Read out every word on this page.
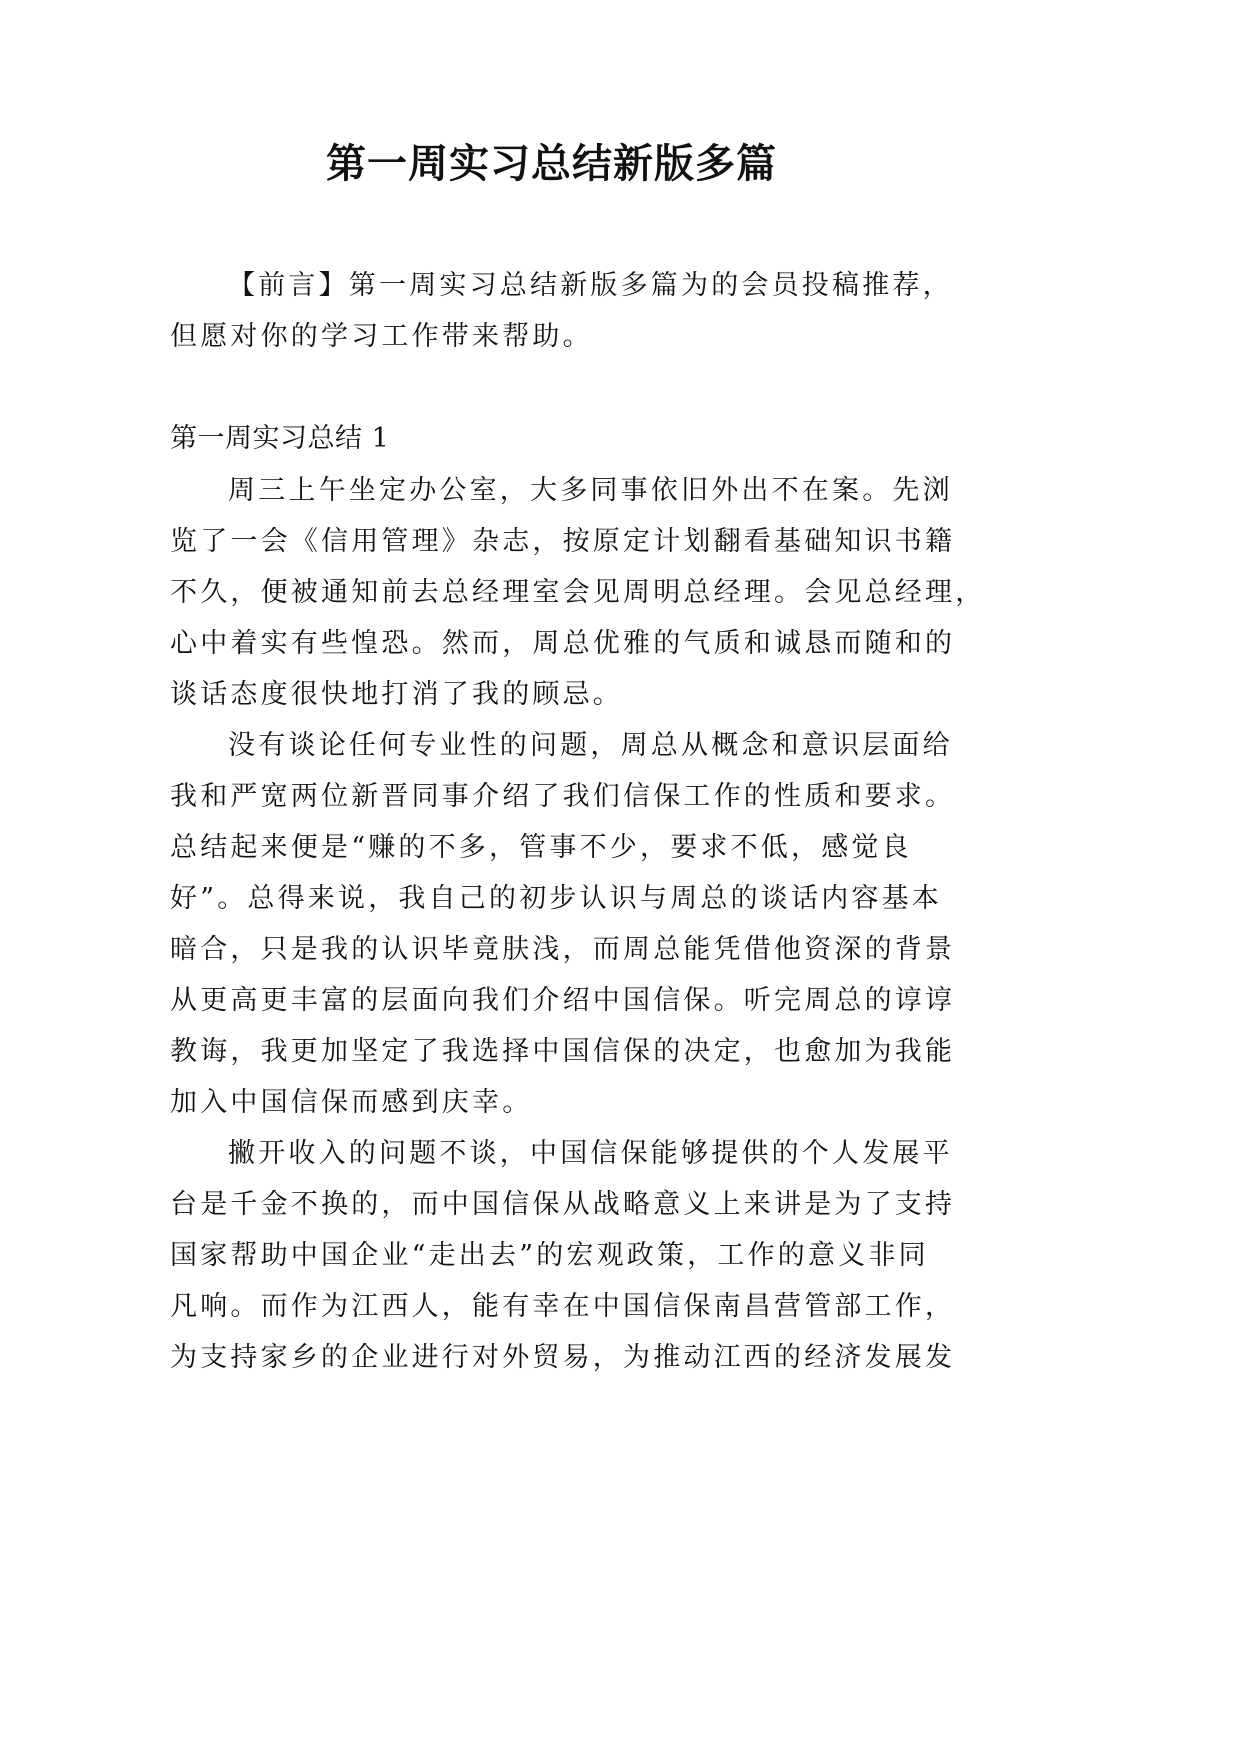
第一周实习总结新版多篇
【前言】第一周实习总结新版多篇为的会员投稿推荐，
但愿对你的学习工作带来帮助。
第一周实习总结 1
周三上午坐定办公室，大多同事依旧外出不在案。先浏
览了一会《信用管理》杂志，按原定计划翻看基础知识书籍
不久，便被通知前去总经理室会见周明总经理。会见总经理，
心中着实有些惶恐。然而，周总优雅的气质和诚恳而随和的
谈话态度很快地打消了我的顾忌。
没有谈论任何专业性的问题，周总从概念和意识层面给
我和严宽两位新晋同事介绍了我们信保工作的性质和要求。
总结起来便是“赚的不多，管事不少，要求不低，感觉良
好”。总得来说，我自己的初步认识与周总的谈话内容基本
暗合，只是我的认识毕竟肤浅，而周总能凭借他资深的背景
从更高更丰富的层面向我们介绍中国信保。听完周总的谆谆
教诲，我更加坚定了我选择中国信保的决定，也愈加为我能
加入中国信保而感到庆幸。
撇开收入的问题不谈，中国信保能够提供的个人发展平
台是千金不换的，而中国信保从战略意义上来讲是为了支持
国家帮助中国企业“走出去”的宏观政策，工作的意义非同
凡响。而作为江西人，能有幸在中国信保南昌营管部工作，
为支持家乡的企业进行对外贸易，为推动江西的经济发展发
